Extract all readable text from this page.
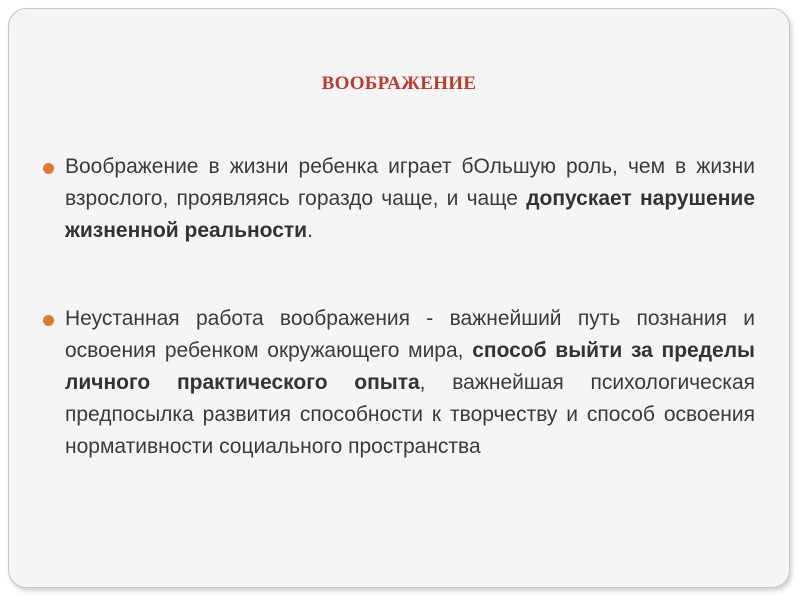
ВООБРАЖЕНИЕ
Воображение в жизни ребенка играет бОльшую роль, чем в жизни взрослого, проявляясь гораздо чаще, и чаще допускает нарушение жизненной реальности.
Неустанная работа воображения - важнейший путь познания и освоения ребенком окружающего мира, способ выйти за пределы личного практического опыта, важнейшая психологическая предпосылка развития способности к творчеству и способ освоения нормативности социального пространства
